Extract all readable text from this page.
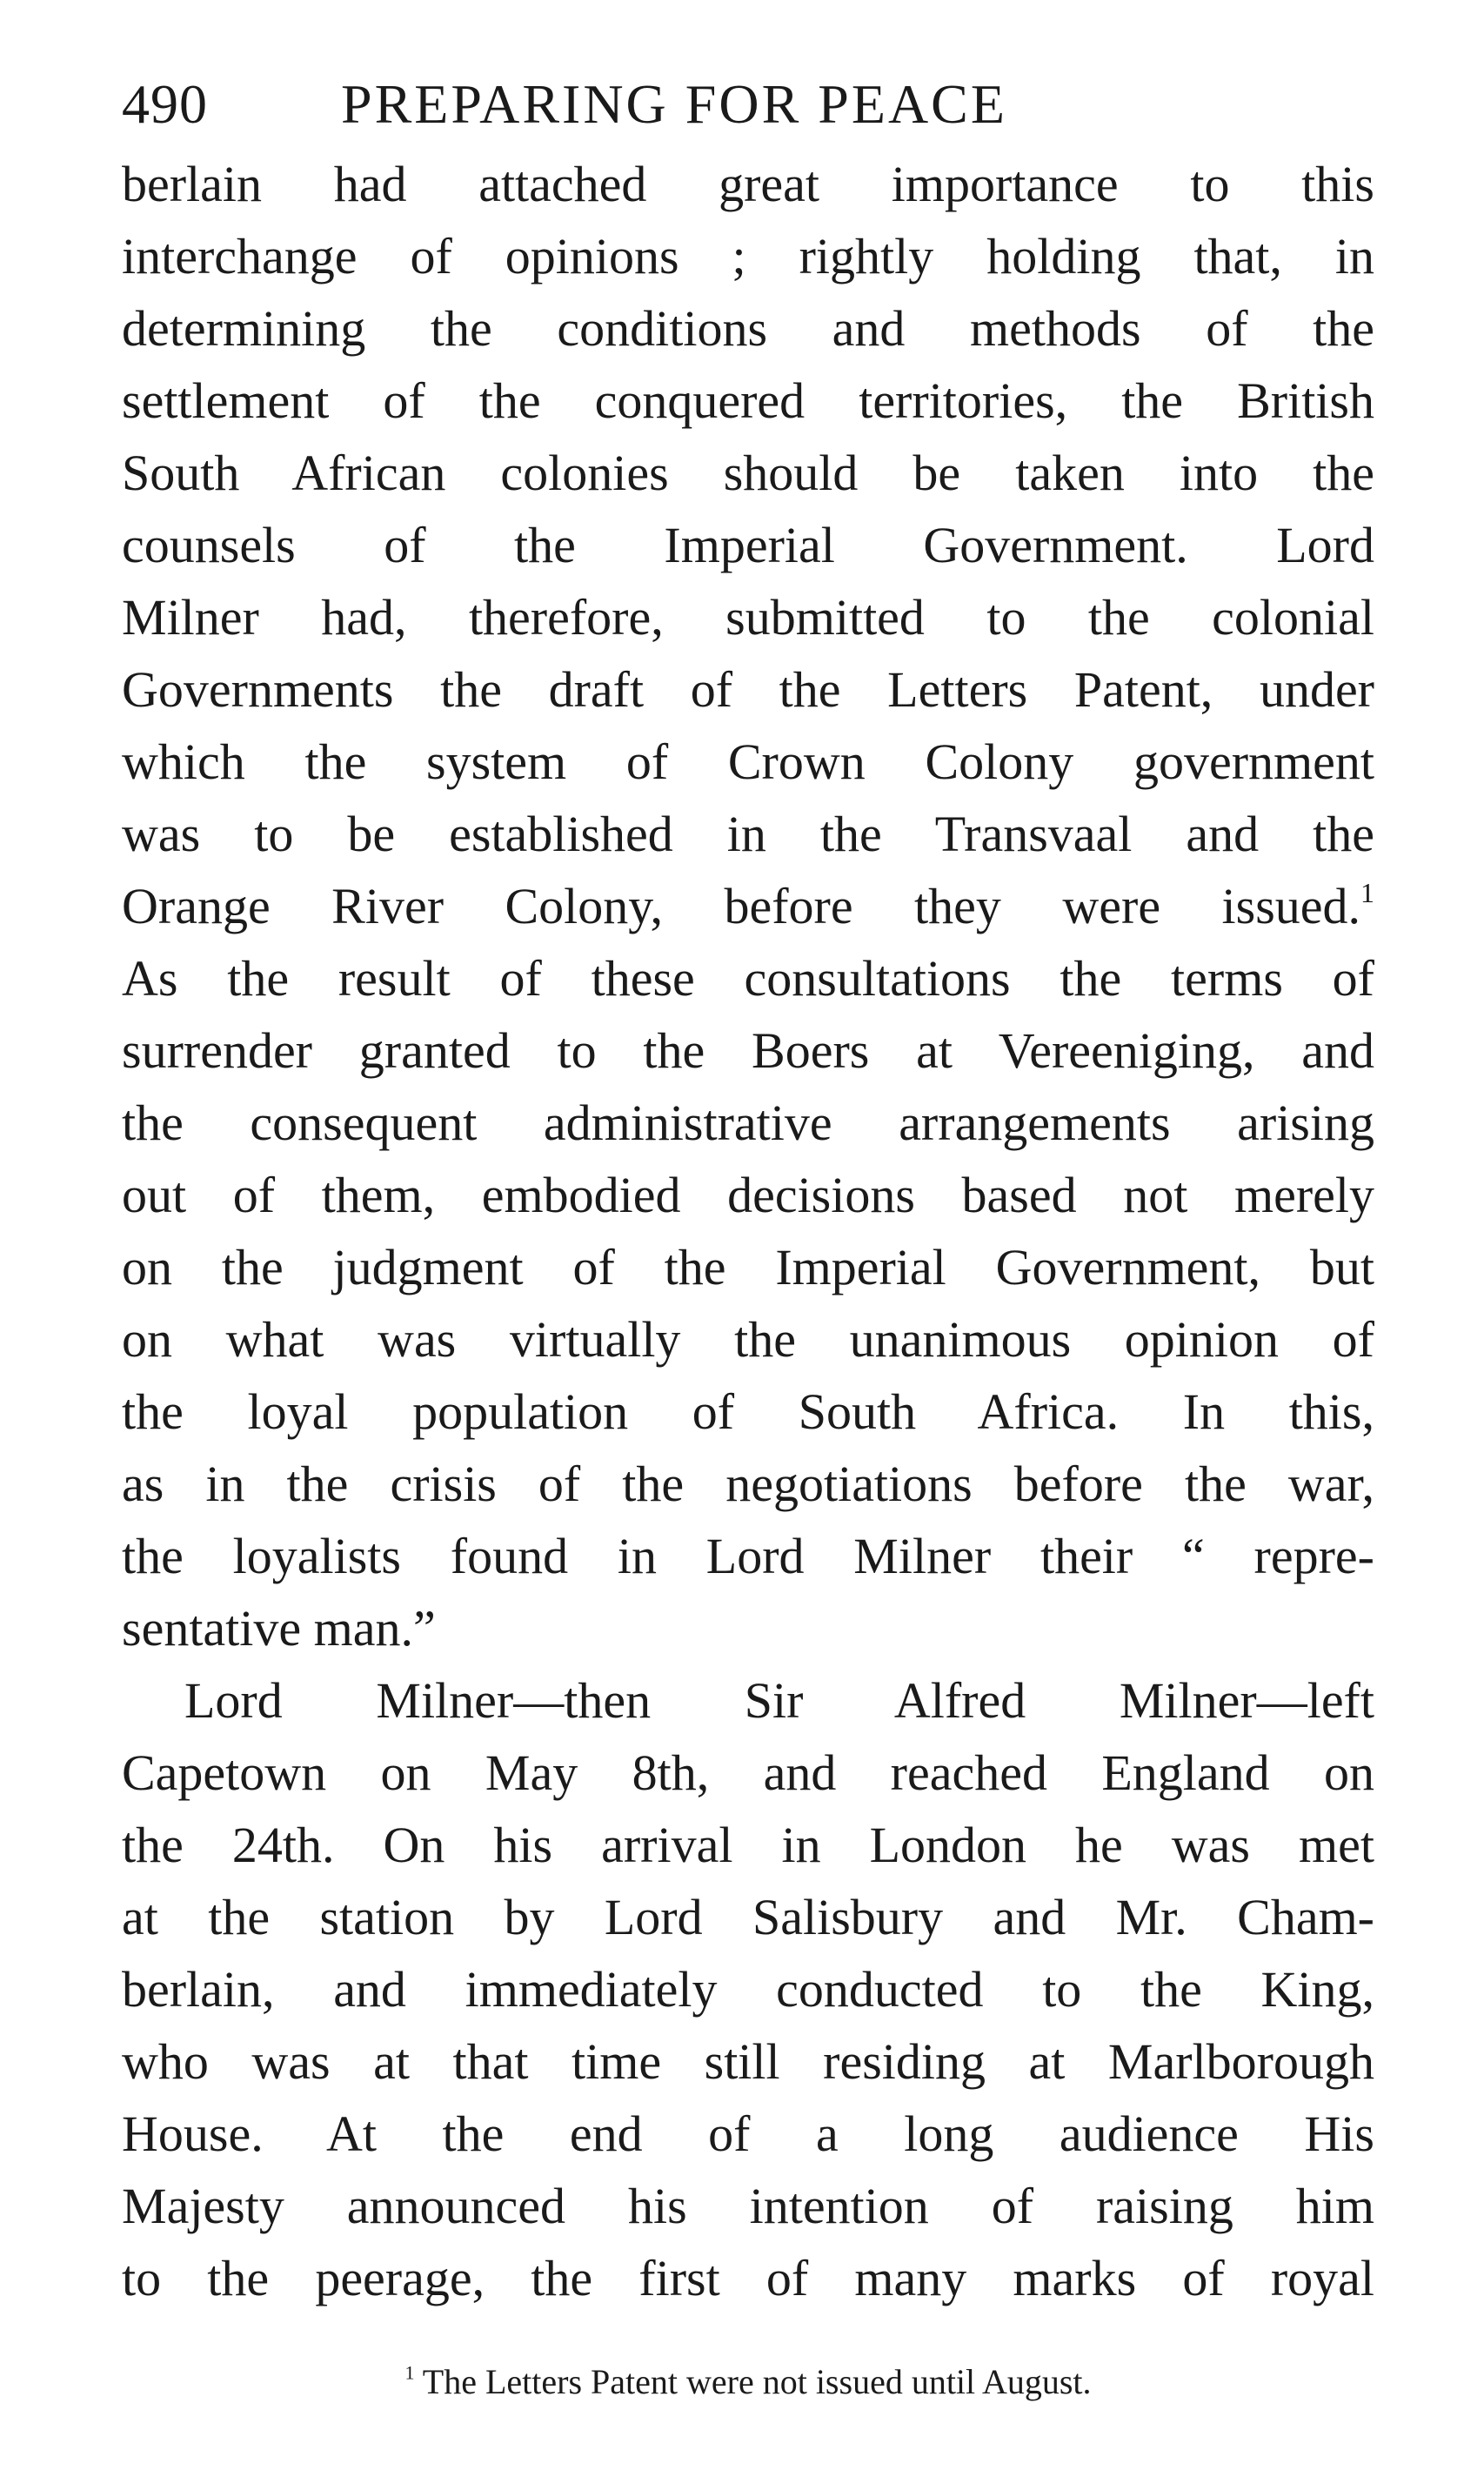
490 PREPARING FOR PEACE
berlain had attached great importance to this
interchange of opinions ; rightly holding that, in
determining the conditions and methods of the
settlement of the conquered territories, the British
South African colonies should be taken into the
counsels of the Imperial Government. Lord
Milner had, therefore, submitted to the colonial
Governments the draft of the Letters Patent, under
which the system of Crown Colony government
was to be established in the Transvaal and the
Orange River Colony, before they were issued.$^1$
As the result of these consultations the terms of
surrender granted to the Boers at Vereeniging, and
the consequent administrative arrangements arising
out of them, embodied decisions based not merely
on the judgment of the Imperial Government, but
on what was virtually the unanimous opinion of
the loyal population of South Africa. In this,
as in the crisis of the negotiations before the war,
the loyalists found in Lord Milner their “ repre-
sentative man.”
Lord Milner—then Sir Alfred Milner—left
Capetown on May 8th, and reached England on
the 24th. On his arrival in London he was met
at the station by Lord Salisbury and Mr. Cham-
berlain, and immediately conducted to the King,
who was at that time still residing at Marlborough
House. At the end of a long audience His
Majesty announced his intention of raising him
to the peerage, the first of many marks of royal
$^1$ The Letters Patent were not issued until August.
